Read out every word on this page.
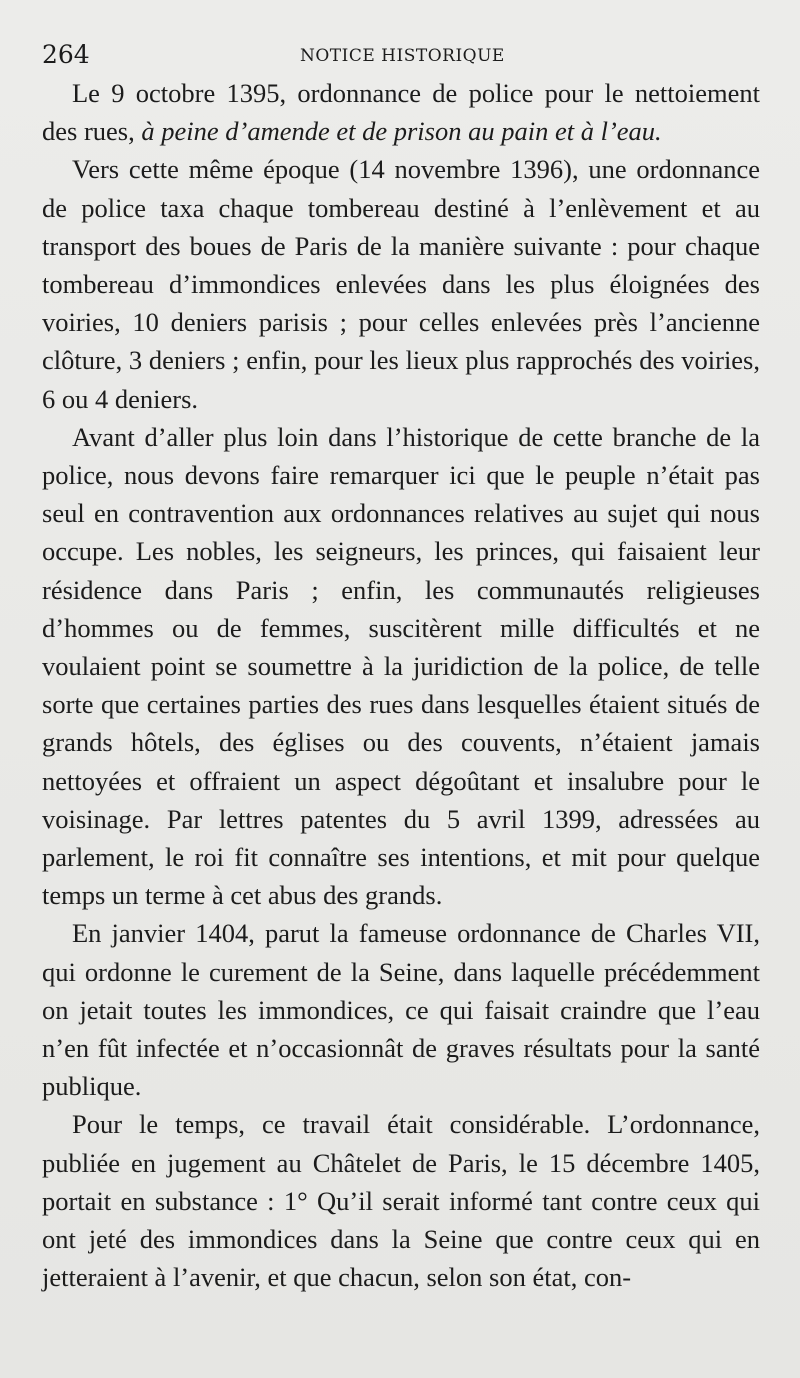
264	NOTICE HISTORIQUE

Le 9 octobre 1395, ordonnance de police pour le nettoiement des rues, à peine d’amende et de prison au pain et à l’eau.

Vers cette même époque (14 novembre 1396), une ordonnance de police taxa chaque tombereau destiné à l’enlèvement et au transport des boues de Paris de la manière suivante : pour chaque tombereau d’immondices enlevées dans les plus éloignées des voiries, 10 deniers parisis ; pour celles enlevées près l’ancienne clôture, 3 deniers ; enfin, pour les lieux plus rapprochés des voiries, 6 ou 4 deniers.

Avant d’aller plus loin dans l’historique de cette branche de la police, nous devons faire remarquer ici que le peuple n’était pas seul en contravention aux ordonnances relatives au sujet qui nous occupe. Les nobles, les seigneurs, les princes, qui faisaient leur résidence dans Paris ; enfin, les communautés religieuses d’hommes ou de femmes, suscitèrent mille difficultés et ne voulaient point se soumettre à la juridiction de la police, de telle sorte que certaines parties des rues dans lesquelles étaient situés de grands hôtels, des églises ou des couvents, n’étaient jamais nettoyées et offraient un aspect dégoûtant et insalubre pour le voisinage. Par lettres patentes du 5 avril 1399, adressées au parlement, le roi fit connaître ses intentions, et mit pour quelque temps un terme à cet abus des grands.

En janvier 1404, parut la fameuse ordonnance de Charles VII, qui ordonne le curement de la Seine, dans laquelle précédemment on jetait toutes les immondices, ce qui faisait craindre que l’eau n’en fût infectée et n’occasionnât de graves résultats pour la santé publique.

Pour le temps, ce travail était considérable. L’ordonnance, publiée en jugement au Châtelet de Paris, le 15 décembre 1405, portait en substance : 1° Qu’il serait informé tant contre ceux qui ont jeté des immondices dans la Seine que contre ceux qui en jetteraient à l’avenir, et que chacun, selon son état, con-
